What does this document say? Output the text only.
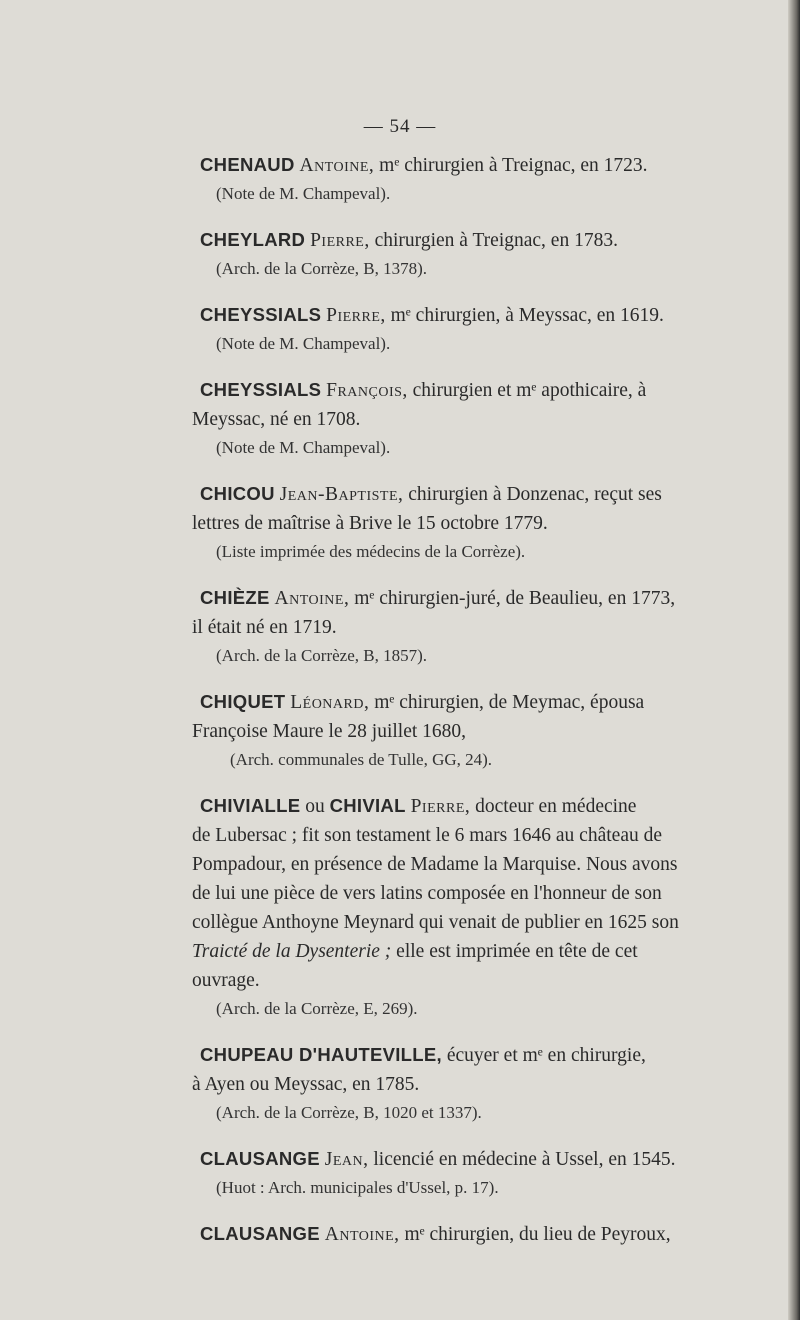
— 54 —

CHENAUD Antoine, mᵉ chirurgien à Treignac, en 1723.

(Note de M. Champeval).

CHEYLARD Pierre, chirurgien à Treignac, en 1783.

(Arch. de la Corrèze, B, 1378).

CHEYSSIALS Pierre, mᵉ chirurgien, à Meyssac, en 1619.

(Note de M. Champeval).

CHEYSSIALS François, chirurgien et mᵉ apothicaire, à

Meyssac, né en 1708.

(Note de M. Champeval).

CHICOU Jean-Baptiste, chirurgien à Donzenac, reçut ses

lettres de maîtrise à Brive le 15 octobre 1779.

(Liste imprimée des médecins de la Corrèze).

CHIÈZE Antoine, mᵉ chirurgien-juré, de Beaulieu, en 1773,

il était né en 1719.

(Arch. de la Corrèze, B, 1857).

CHIQUET Léonard, mᵉ chirurgien, de Meymac, épousa

Françoise Maure le 28 juillet 1680,

(Arch. communales de Tulle, GG, 24).

CHIVIALLE ou CHIVIAL Pierre, docteur en médecine

de Lubersac ; fit son testament le 6 mars 1646 au château de

Pompadour, en présence de Madame la Marquise. Nous avons

de lui une pièce de vers latins composée en l'honneur de son

collègue Anthoyne Meynard qui venait de publier en 1625 son

Traicté de la Dysenterie ; elle est imprimée en tête de cet

ouvrage.

(Arch. de la Corrèze, E, 269).

CHUPEAU D'HAUTEVILLE, écuyer et mᵉ en chirurgie,

à Ayen ou Meyssac, en 1785.

(Arch. de la Corrèze, B, 1020 et 1337).

CLAUSANGE Jean, licencié en médecine à Ussel, en 1545.

(Huot : Arch. municipales d'Ussel, p. 17).

CLAUSANGE Antoine, mᵉ chirurgien, du lieu de Peyroux,
